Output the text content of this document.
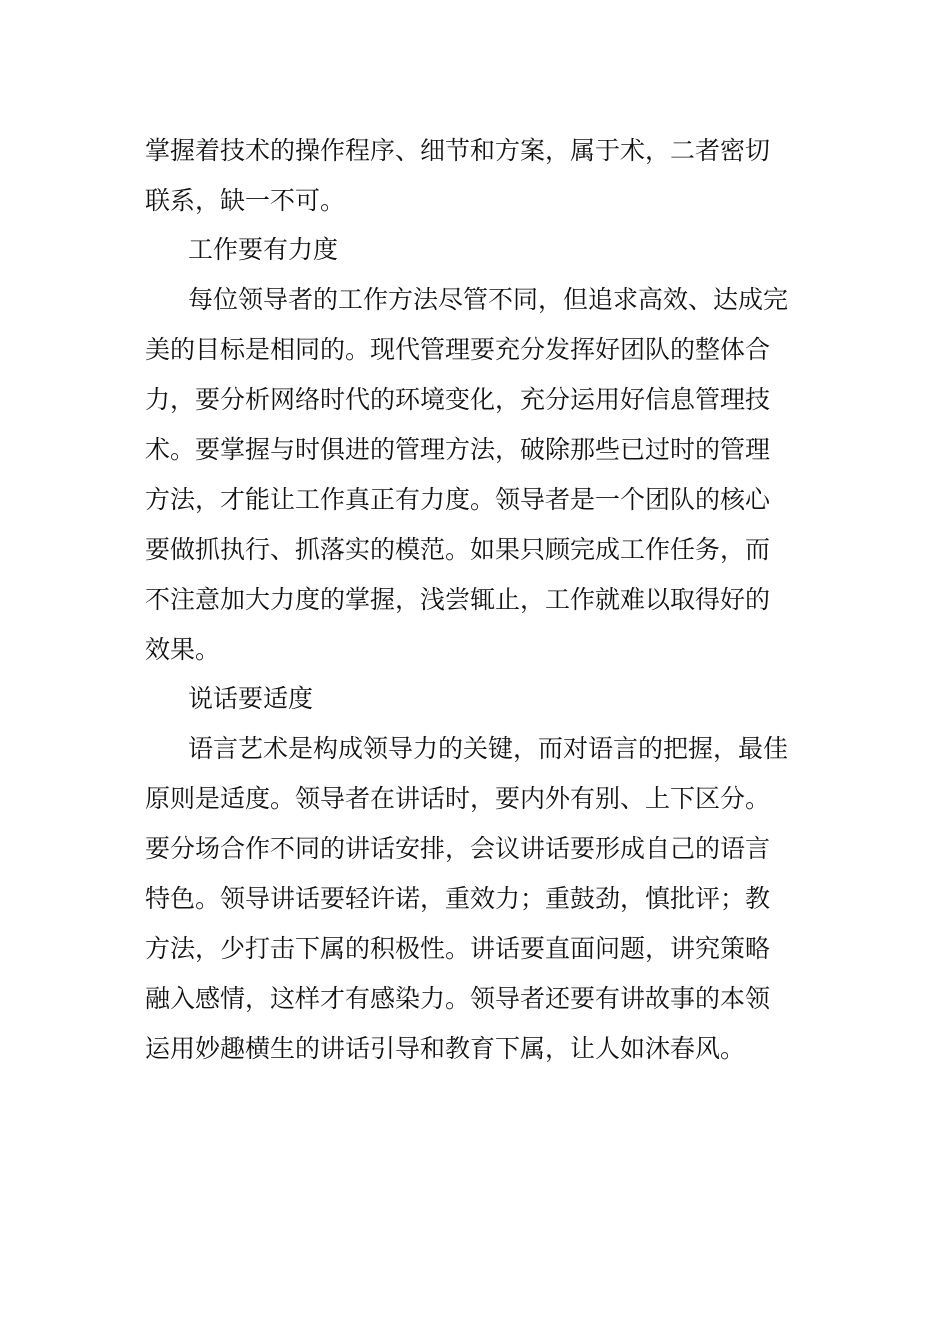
掌握着技术的操作程序、细节和方案，属于术，二者密切
联系，缺一不可。
工作要有力度
每位领导者的工作方法尽管不同，但追求高效、达成完
美的目标是相同的。现代管理要充分发挥好团队的整体合
力，要分析网络时代的环境变化，充分运用好信息管理技
术。要掌握与时俱进的管理方法，破除那些已过时的管理
方法，才能让工作真正有力度。领导者是一个团队的核心
要做抓执行、抓落实的模范。如果只顾完成工作任务，而
不注意加大力度的掌握，浅尝辄止，工作就难以取得好的
效果。
说话要适度
语言艺术是构成领导力的关键，而对语言的把握，最佳
原则是适度。领导者在讲话时，要内外有别、上下区分。
要分场合作不同的讲话安排，会议讲话要形成自己的语言
特色。领导讲话要轻许诺，重效力；重鼓劲，慎批评；教
方法，少打击下属的积极性。讲话要直面问题，讲究策略
融入感情，这样才有感染力。领导者还要有讲故事的本领
运用妙趣横生的讲话引导和教育下属，让人如沐春风。
